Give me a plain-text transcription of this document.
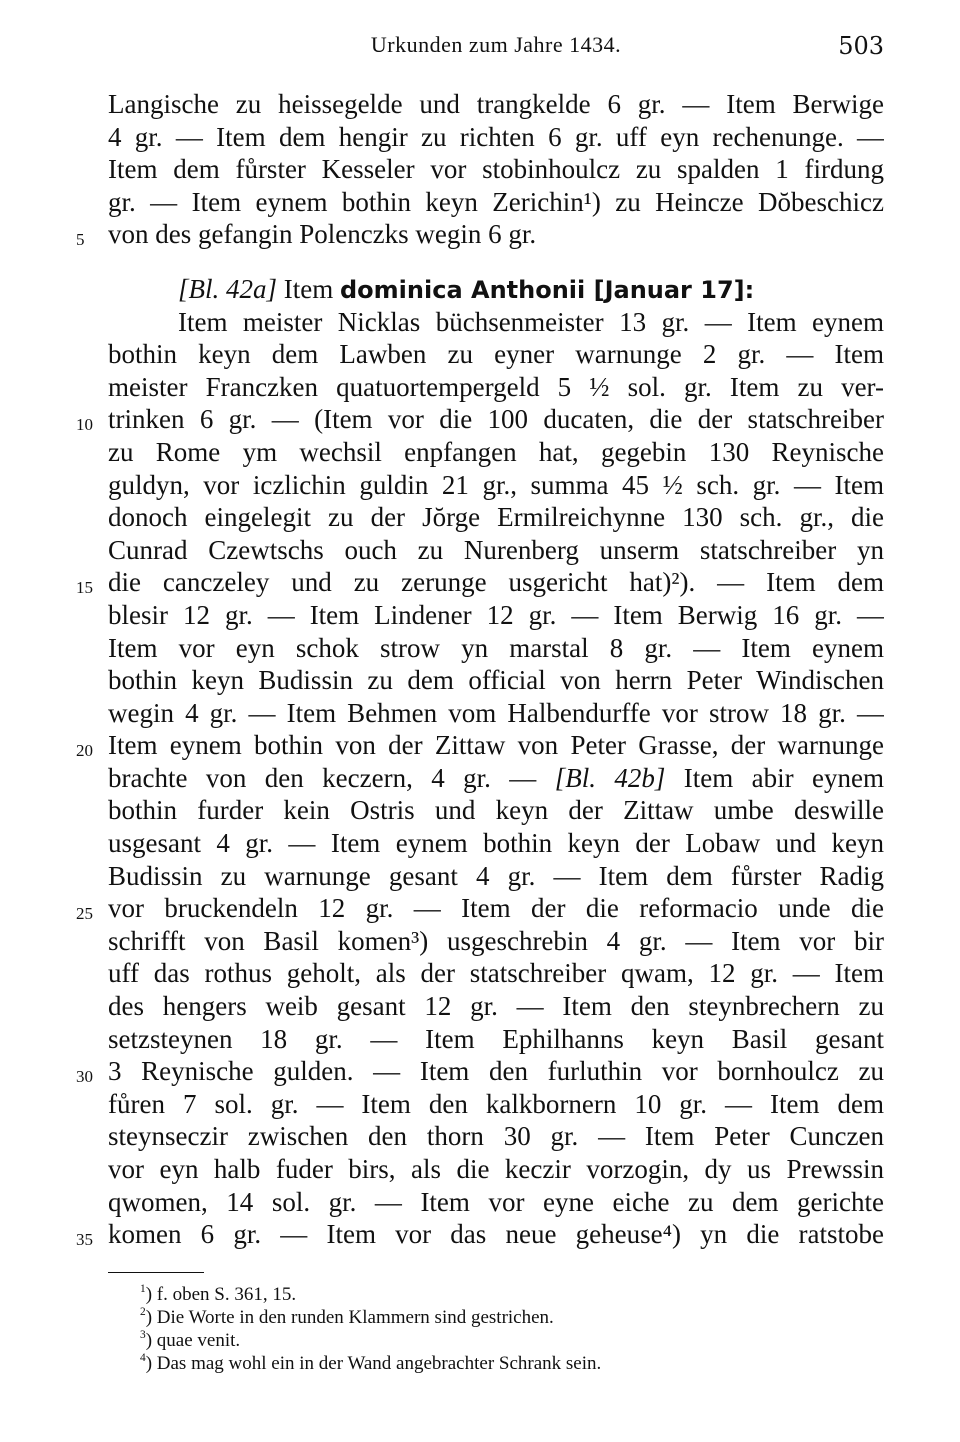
Urkunden zum Jahre 1434.	503
Langische zu heissegelde und trangkelde 6 gr. — Item Berwige
4 gr. — Item dem hengir zu richten 6 gr. uff eyn rechenunge. —
Item dem fůrster Kesseler vor stobinhoulcz zu spalden 1 firdung
gr. — Item eynem bothin keyn Zerichin¹) zu Heincze Dŏbeschicz
5 von des gefangin Polenczks wegin 6 gr.
[Bl. 42a] Item dominica Anthonii [Januar 17]:
Item meister Nicklas büchsenmeister 13 gr. — Item eynem
bothin keyn dem Lawben zu eyner warnunge 2 gr. — Item
meister Franczken quatuortempergeld 5 ½ sol. gr. Item zu ver-
10 trinken 6 gr. — (Item vor die 100 ducaten, die der statschreiber
zu Rome ym wechsil enpfangen hat, gegebin 130 Reynische
guldyn, vor iczlichin guldin 21 gr., summa 45 ½ sch. gr. — Item
donoch eingelegit zu der Jŏrge Ermilreichynne 130 sch. gr., die
Cunrad Czewtschs ouch zu Nurenberg unserm statschreiber yn
15 die canczeley und zu zerunge usgericht hat)²). — Item dem
blesir 12 gr. — Item Lindener 12 gr. — Item Berwig 16 gr. —
Item vor eyn schok strow yn marstal 8 gr. — Item eynem
bothin keyn Budissin zu dem official von herrn Peter Windischen
wegin 4 gr. — Item Behmen vom Halbendurffe vor strow 18 gr. —
20 Item eynem bothin von der Zittaw von Peter Grasse, der warnunge
brachte von den keczern, 4 gr. — [Bl. 42b] Item abir eynem
bothin furder kein Ostris und keyn der Zittaw umbe deswille
usgesant 4 gr. — Item eynem bothin keyn der Lobaw und keyn
Budissin zu warnunge gesant 4 gr. — Item dem fůrster Radig
25 vor bruckendeln 12 gr. — Item der die reformacio unde die
schrifft von Basil komen³) usgeschrebin 4 gr. — Item vor bir
uff das rothus geholt, als der statschreiber qwam, 12 gr. — Item
des hengers weib gesant 12 gr. — Item den steynbrechern zu
setzsteynen 18 gr. — Item Ephilhanns keyn Basil gesant
30 3 Reynische gulden. — Item den furluthin vor bornhoulcz zu
fůren 7 sol. gr. — Item den kalkbornern 10 gr. — Item dem
steynseczir zwischen den thorn 30 gr. — Item Peter Cunczen
vor eyn halb fuder birs, als die keczir vorzogin, dy us Prewssin
qwomen, 14 sol. gr. — Item vor eyne eiche zu dem gerichte
35 komen 6 gr. — Item vor das neue geheuse⁴) yn die ratstobe
$^1$) f. oben S. 361, 15.
$^2$) Die Worte in den runden Klammern sind gestrichen.
$^3$) quae venit.
$^4$) Das mag wohl ein in der Wand angebrachter Schrank sein.
